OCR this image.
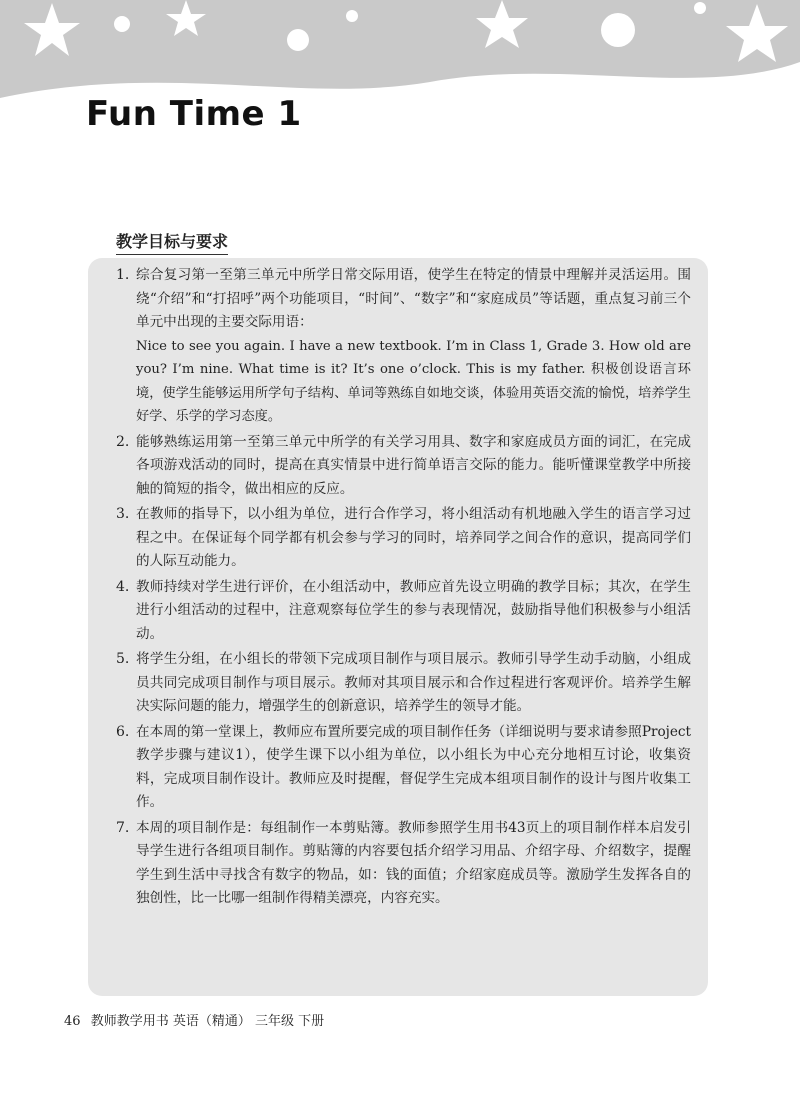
Fun Time 1
教学目标与要求
1. 综合复习第一至第三单元中所学日常交际用语，使学生在特定的情景中理解并灵活运用。围绕“介绍”和“打招呼”两个功能项目，“时间”、“数字”和“家庭成员”等话题，重点复习前三个单元中出现的主要交际用语：

Nice to see you again. I have a new textbook. I’m in Class 1, Grade 3. How old are you? I’m nine. What time is it? It’s one o’clock. This is my father. 积极创设语言环境，使学生能够运用所学句子结构、单词等熟练自如地交谈，体验用英语交流的愉悦，培养学生好学、乐学的学习态度。

2. 能够熟练运用第一至第三单元中所学的有关学习用具、数字和家庭成员方面的词汇，在完成各项游戏活动的同时，提高在真实情景中进行简单语言交际的能力。能听懂课堂教学中所接触的简短的指令，做出相应的反应。

3. 在教师的指导下，以小组为单位，进行合作学习，将小组活动有机地融入学生的语言学习过程之中。在保证每个同学都有机会参与学习的同时，培养同学之间合作的意识，提高同学们的人际互动能力。

4. 教师持续对学生进行评价，在小组活动中，教师应首先设立明确的教学目标；其次，在学生进行小组活动的过程中，注意观察每位学生的参与表现情况，鼓励指导他们积极参与小组活动。

5. 将学生分组，在小组长的带领下完成项目制作与项目展示。教师引导学生动手动脑，小组成员共同完成项目制作与项目展示。教师对其项目展示和合作过程进行客观评价。培养学生解决实际问题的能力，增强学生的创新意识，培养学生的领导才能。

6. 在本周的第一堂课上，教师应布置所要完成的项目制作任务（详细说明与要求请参照Project教学步骤与建议1），使学生课下以小组为单位，以小组长为中心充分地相互讨论，收集资料，完成项目制作设计。教师应及时提醒，督促学生完成本组项目制作的设计与图片收集工作。

7. 本周的项目制作是：每组制作一本剪贴簿。教师参照学生用书43页上的项目制作样本启发引导学生进行各组项目制作。剪贴簿的内容要包括介绍学习用品、介绍字母、介绍数字，提醒学生到生活中寻找含有数字的物品，如：钱的面值；介绍家庭成员等。激励学生发挥各自的独创性，比一比哪一组制作得精美漂亮，内容充实。

46 教师教学用书 英语（精通） 三年级 下册
